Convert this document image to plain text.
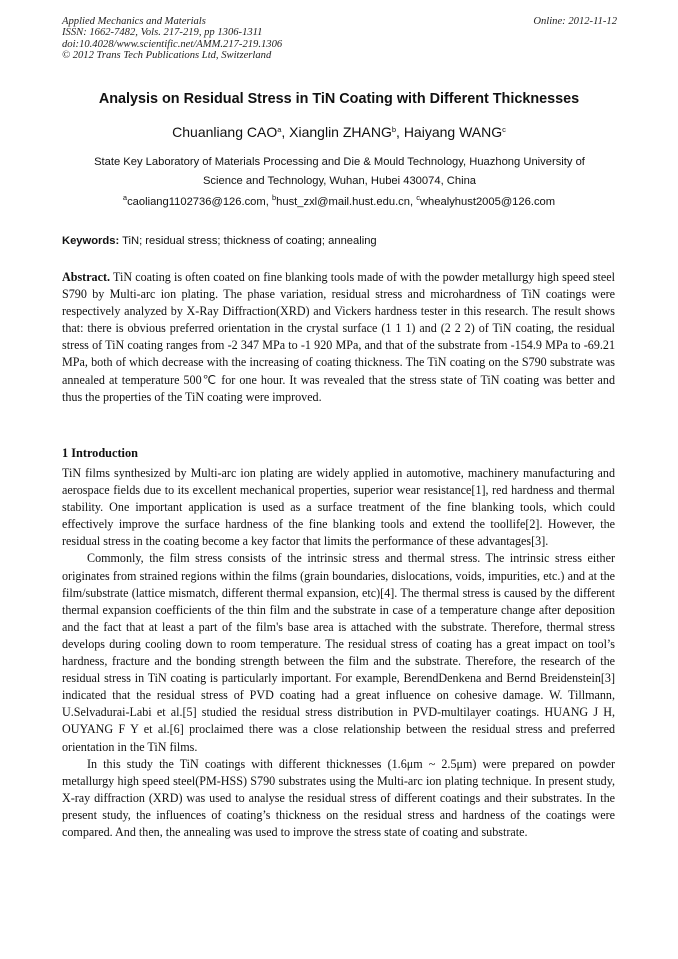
Applied Mechanics and Materials
ISSN: 1662-7482, Vols. 217-219, pp 1306-1311
doi:10.4028/www.scientific.net/AMM.217-219.1306
© 2012 Trans Tech Publications Ltd, Switzerland
Online: 2012-11-12
Analysis on Residual Stress in TiN Coating with Different Thicknesses
Chuanliang CAO$^a$, Xianglin ZHANG$^b$, Haiyang WANG$^c$
State Key Laboratory of Materials Processing and Die & Mould Technology, Huazhong University of
Science and Technology, Wuhan, Hubei 430074, China
$^a$caoliang1102736@126.com, $^b$hust_zxl@mail.hust.edu.cn, $^c$whealyhust2005@126.com
Keywords: TiN; residual stress; thickness of coating; annealing

Abstract. TiN coating is often coated on fine blanking tools made of with the powder metallurgy high speed steel S790 by Multi-arc ion plating. The phase variation, residual stress and microhardness of TiN coatings were respectively analyzed by X-Ray Diffraction(XRD) and Vickers hardness tester in this research. The result shows that: there is obvious preferred orientation in the crystal surface (1 1 1) and (2 2 2) of TiN coating, the residual stress of TiN coating ranges from -2 347 MPa to -1 920 MPa, and that of the substrate from -154.9 MPa to -69.21 MPa, both of which decrease with the increasing of coating thickness. The TiN coating on the S790 substrate was annealed at temperature 500℃ for one hour. It was revealed that the stress state of TiN coating was better and thus the properties of the TiN coating were improved.

1 Introduction

TiN films synthesized by Multi-arc ion plating are widely applied in automotive, machinery manufacturing and aerospace fields due to its excellent mechanical properties, superior wear resistance[1], red hardness and thermal stability. One important application is used as a surface treatment of the fine blanking tools, which could effectively improve the surface hardness of the fine blanking tools and extend the toollife[2]. However, the residual stress in the coating become a key factor that limits the performance of these advantages[3].

Commonly, the film stress consists of the intrinsic stress and thermal stress. The intrinsic stress either originates from strained regions within the films (grain boundaries, dislocations, voids, impurities, etc.) and at the film/substrate (lattice mismatch, different thermal expansion, etc)[4]. The thermal stress is caused by the different thermal expansion coefficients of the thin film and the substrate in case of a temperature change after deposition and the fact that at least a part of the film's base area is attached with the substrate. Therefore, thermal stress develops during cooling down to room temperature. The residual stress of coating has a great impact on tool’s hardness, fracture and the bonding strength between the film and the substrate. Therefore, the research of the residual stress in TiN coating is particularly important. For example, BerendDenkena and Bernd Breidenstein[3] indicated that the residual stress of PVD coating had a great influence on cohesive damage. W. Tillmann, U.Selvadurai-Labi et al.[5] studied the residual stress distribution in PVD-multilayer coatings. HUANG J H, OUYANG F Y et al.[6] proclaimed there was a close relationship between the residual stress and preferred orientation in the TiN films.

In this study the TiN coatings with different thicknesses (1.6μm ~ 2.5μm) were prepared on powder metallurgy high speed steel(PM-HSS) S790 substrates using the Multi-arc ion plating technique. In present study, X-ray diffraction (XRD) was used to analyse the residual stress of different coatings and their substrates. In the present study, the influences of coating’s thickness on the residual stress and hardness of the coatings were compared. And then, the annealing was used to improve the stress state of coating and substrate.
